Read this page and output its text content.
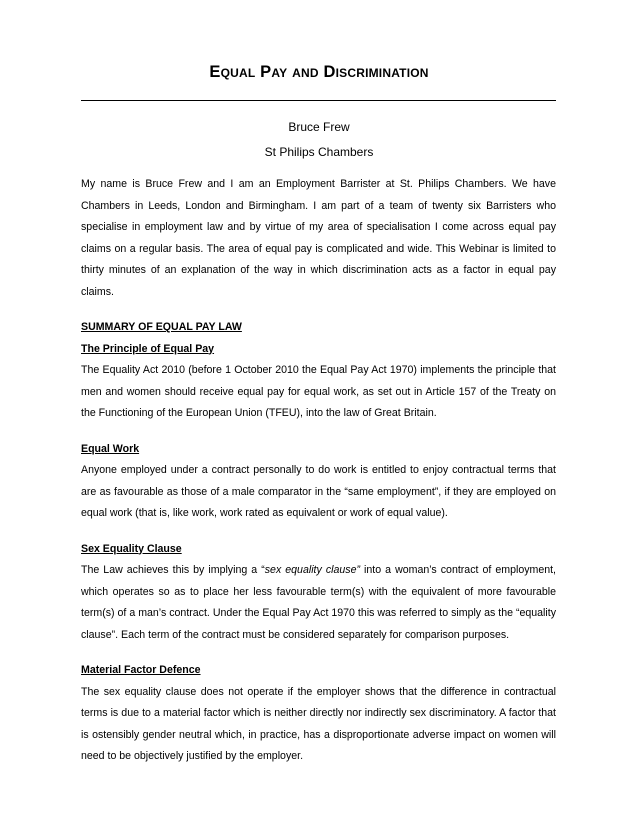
Equal Pay and Discrimination
Bruce Frew
St Philips Chambers

My name is Bruce Frew and I am an Employment Barrister at St. Philips Chambers. We have Chambers in Leeds, London and Birmingham. I am part of a team of twenty six Barristers who specialise in employment law and by virtue of my area of specialisation I come across equal pay claims on a regular basis. The area of equal pay is complicated and wide. This Webinar is limited to thirty minutes of an explanation of the way in which discrimination acts as a factor in equal pay claims.

SUMMARY OF EQUAL PAY LAW
The Principle of Equal Pay

The Equality Act 2010 (before 1 October 2010 the Equal Pay Act 1970) implements the principle that men and women should receive equal pay for equal work, as set out in Article 157 of the Treaty on the Functioning of the European Union (TFEU), into the law of Great Britain.

Equal Work

Anyone employed under a contract personally to do work is entitled to enjoy contractual terms that are as favourable as those of a male comparator in the “same employment”, if they are employed on equal work (that is, like work, work rated as equivalent or work of equal value).

Sex Equality Clause

The Law achieves this by implying a “sex equality clause” into a woman’s contract of employment, which operates so as to place her less favourable term(s) with the equivalent of more favourable term(s) of a man’s contract. Under the Equal Pay Act 1970 this was referred to simply as the “equality clause”. Each term of the contract must be considered separately for comparison purposes.

Material Factor Defence

The sex equality clause does not operate if the employer shows that the difference in contractual terms is due to a material factor which is neither directly nor indirectly sex discriminatory. A factor that is ostensibly gender neutral which, in practice, has a disproportionate adverse impact on women will need to be objectively justified by the employer.
